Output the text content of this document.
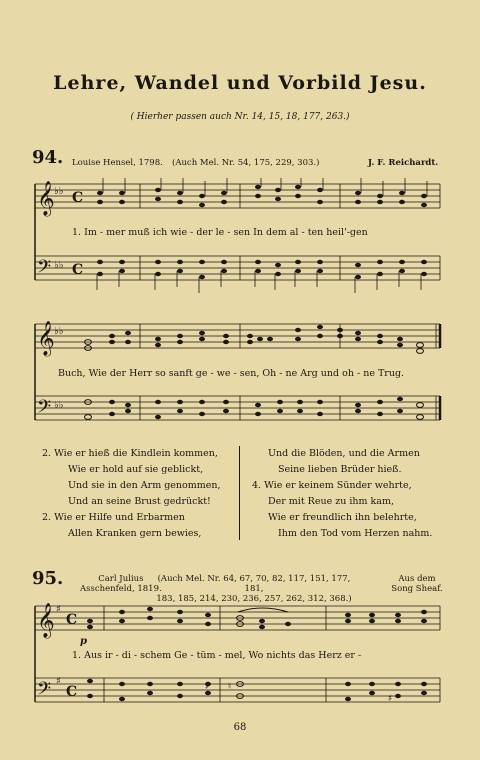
Lehre, Wandel und Vorbild Jesu.
( Hierher passen auch Nr. 14, 15, 18, 177, 263.)
94. Louise Hensel, 1798. (Auch Mel. Nr. 54, 175, 229, 303.)	J. F. Reichardt.
𝄞
𝄢
♭♭
♭♭
C
C
1. Im - mer muß ich wie - der le - sen In dem al - ten heil'-gen
𝄞
𝄢
♭♭
♭♭
Buch, Wie der Herr so sanft ge - we - sen, Oh - ne Arg und oh - ne Trug.
2. Wie er hieß die Kindlein kommen,
Wie er hold auf sie geblickt,
Und sie in den Arm genommen,
Und an seine Brust gedrückt!
2. Wie er Hilfe und Erbarmen
Allen Kranken gern bewies,
Und die Blöden, und die Armen
Seine lieben Brüder hieß.
4. Wie er keinem Sünder wehrte,
Der mit Reue zu ihm kam,
Wie er freundlich ihn belehrte,
Ihm den Tod vom Herzen nahm.
95.	Carl Julius
Asschenfeld, 1819.
(Auch Mel. Nr. 64, 67, 70, 82, 117, 151, 177, 181,
183, 185, 214, 230, 236, 257, 262, 312, 368.)
Aus dem
Song Sheaf.
𝄞
𝄢
♯
♯
C
C	♯ ♮
♯
p
1. Aus ir - di - schem Ge - tüm - mel, Wo nichts das Herz er -
68
